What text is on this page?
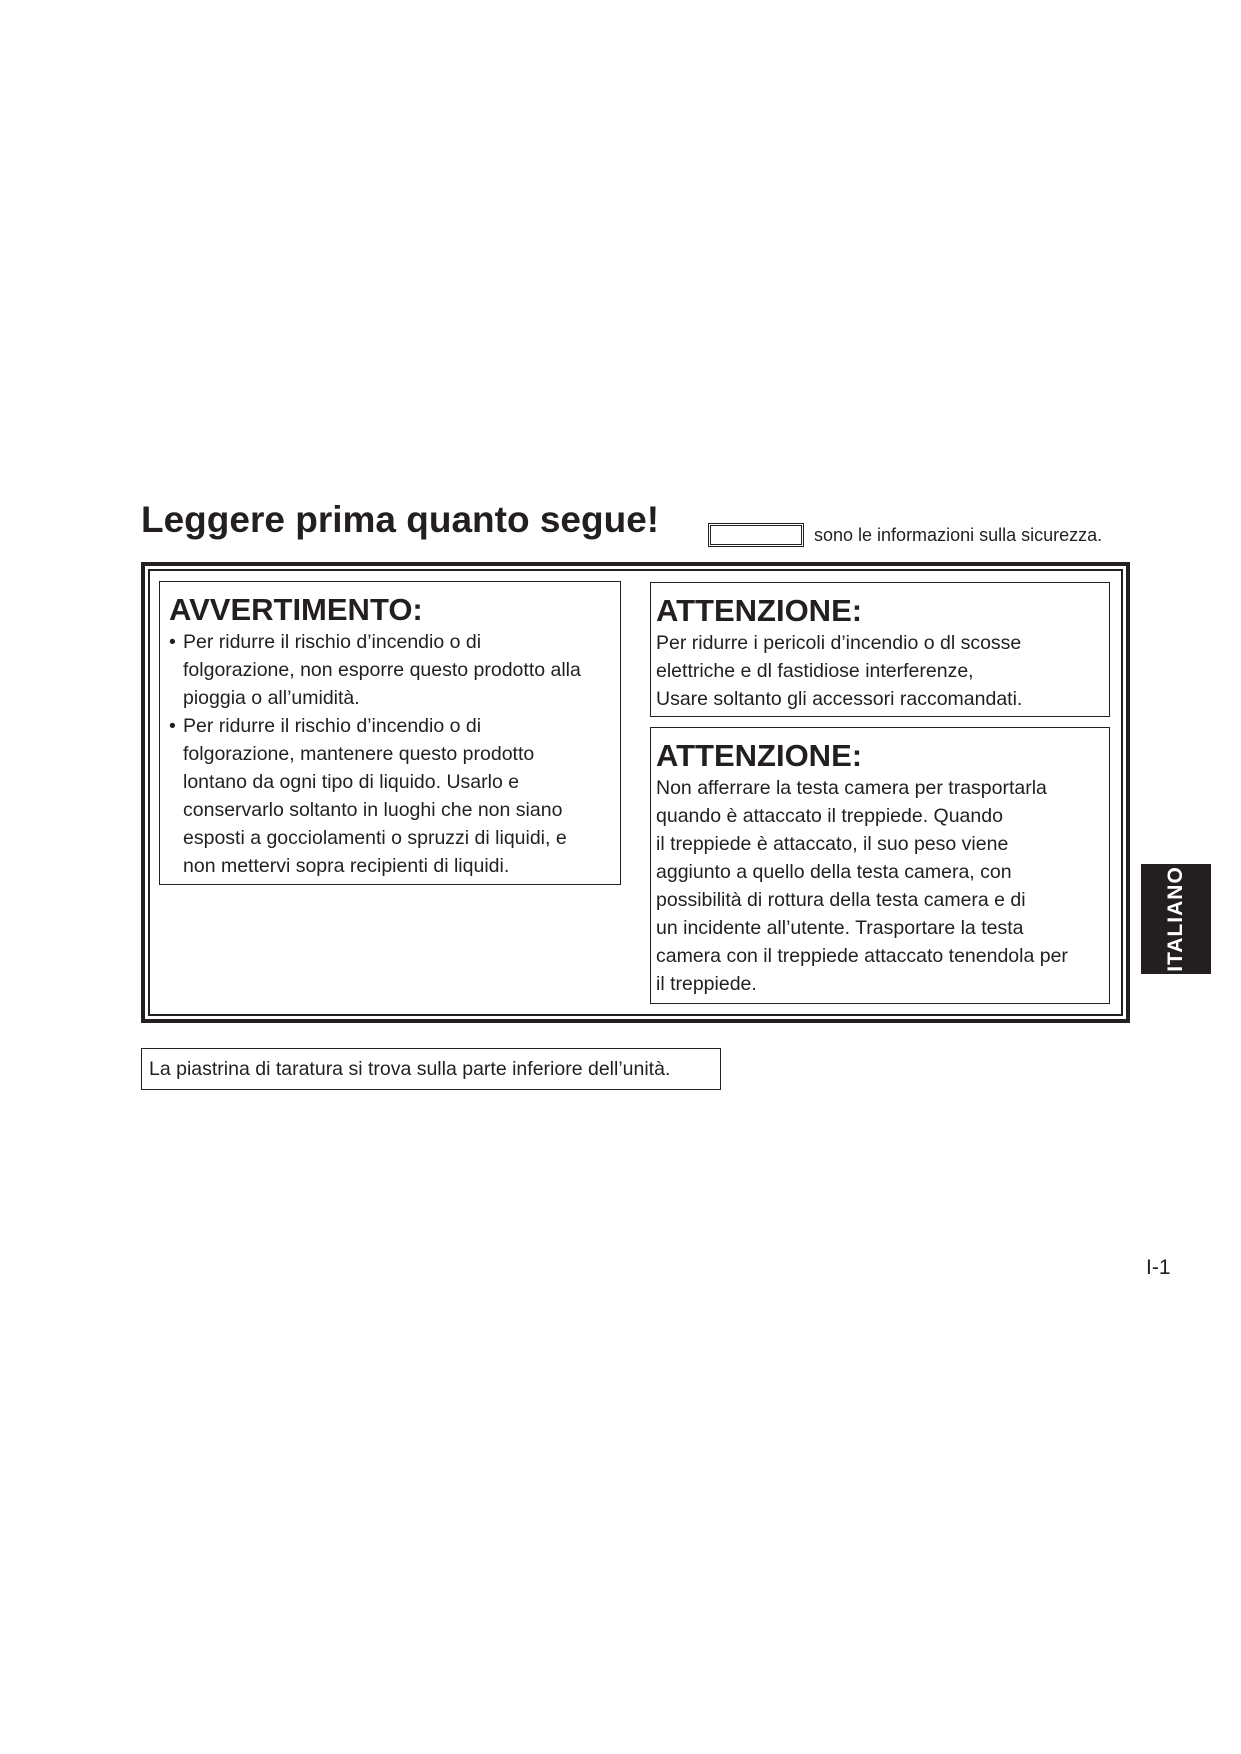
Leggere prima quanto segue!	sono le informazioni sulla sicurezza.
AVVERTIMENTO:
• Per ridurre il rischio d’incendio o di
folgorazione, non esporre questo prodotto alla
pioggia o all’umidità.
• Per ridurre il rischio d’incendio o di
folgorazione, mantenere questo prodotto
lontano da ogni tipo di liquido. Usarlo e
conservarlo soltanto in luoghi che non siano
esposti a gocciolamenti o spruzzi di liquidi, e
non mettervi sopra recipienti di liquidi.
ATTENZIONE:

Per ridurre i pericoli d’incendio o dl scosse
elettriche e dl fastidiose interferenze,
Usare soltanto gli accessori raccomandati.

ATTENZIONE:

Non afferrare la testa camera per trasportarla
quando è attaccato il treppiede. Quando
il treppiede è attaccato, il suo peso viene
aggiunto a quello della testa camera, con
possibilità di rottura della testa camera e di
un incidente all’utente. Trasportare la testa
camera con il treppiede attaccato tenendola per
il treppiede.

ITALIANO
La piastrina di taratura si trova sulla parte inferiore dell’unità.
I-1
